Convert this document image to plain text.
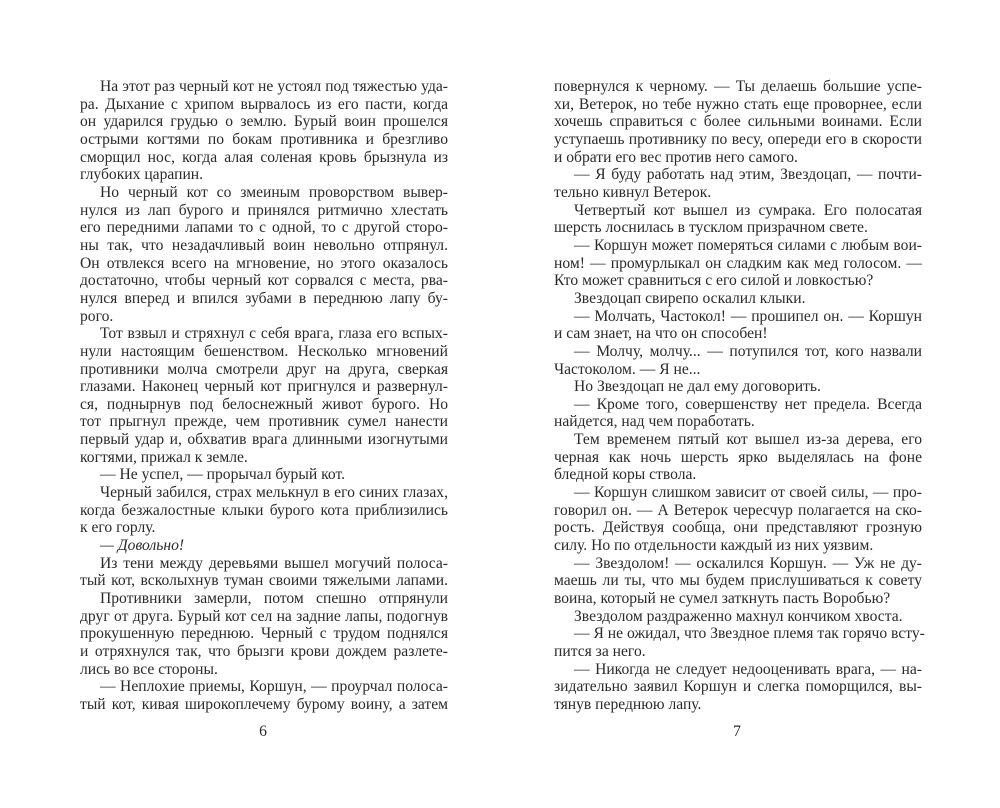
На этот раз черный кот не устоял под тяжестью уда-
ра. Дыхание с хрипом вырвалось из его пасти, когда
он ударился грудью о землю. Бурый воин прошелся
острыми когтями по бокам противника и брезгливо
сморщил нос, когда алая соленая кровь брызнула из
глубоких царапин.
Но черный кот со змеиным проворством вывер-
нулся из лап бурого и принялся ритмично хлестать
его передними лапами то с одной, то с другой сторо-
ны так, что незадачливый воин невольно отпрянул.
Он отвлекся всего на мгновение, но этого оказалось
достаточно, чтобы черный кот сорвался с места, рва-
нулся вперед и впился зубами в переднюю лапу бу-
рого.
Тот взвыл и стряхнул с себя врага, глаза его вспых-
нули настоящим бешенством. Несколько мгновений
противники молча смотрели друг на друга, сверкая
глазами. Наконец черный кот пригнулся и развернул-
ся, поднырнув под белоснежный живот бурого. Но
тот прыгнул прежде, чем противник сумел нанести
первый удар и, обхватив врага длинными изогнутыми
когтями, прижал к земле.
— Не успел, — прорычал бурый кот.
Черный забился, страх мелькнул в его синих глазах,
когда безжалостные клыки бурого кота приблизились
к его горлу.
— Довольно!
Из тени между деревьями вышел могучий полоса-
тый кот, всколыхнув туман своими тяжелыми лапами.
Противники замерли, потом спешно отпрянули
друг от друга. Бурый кот сел на задние лапы, подогнув
прокушенную переднюю. Черный с трудом поднялся
и отряхнулся так, что брызги крови дождем разлете-
лись во все стороны.
— Неплохие приемы, Коршун, — проурчал полоса-
тый кот, кивая широкоплечему бурому воину, а затем
повернулся к черному. — Ты делаешь большие успе-
хи, Ветерок, но тебе нужно стать еще проворнее, если
хочешь справиться с более сильными воинами. Если
уступаешь противнику по весу, опереди его в скорости
и обрати его вес против него самого.
— Я буду работать над этим, Звездоцап, — почти-
тельно кивнул Ветерок.
Четвертый кот вышел из сумрака. Его полосатая
шерсть лоснилась в тусклом призрачном свете.
— Коршун может померяться силами с любым вои-
ном! — промурлыкал он сладким как мед голосом. —
Кто может сравниться с его силой и ловкостью?
Звездоцап свирепо оскалил клыки.
— Молчать, Частокол! — прошипел он. — Коршун
и сам знает, на что он способен!
— Молчу, молчу... — потупился тот, кого назвали
Частоколом. — Я не...
Но Звездоцап не дал ему договорить.
— Кроме того, совершенству нет предела. Всегда
найдется, над чем поработать.
Тем временем пятый кот вышел из-за дерева, его
черная как ночь шерсть ярко выделялась на фоне
бледной коры ствола.
— Коршун слишком зависит от своей силы, — про-
говорил он. — А Ветерок чересчур полагается на ско-
рость. Действуя сообща, они представляют грозную
силу. Но по отдельности каждый из них уязвим.
— Звездолом! — оскалился Коршун. — Уж не ду-
маешь ли ты, что мы будем прислушиваться к совету
воина, который не сумел заткнуть пасть Воробью?
Звездолом раздраженно махнул кончиком хвоста.
— Я не ожидал, что Звездное племя так горячо всту-
пится за него.
— Никогда не следует недооценивать врага, — на-
зидательно заявил Коршун и слегка поморщился, вы-
тянув переднюю лапу.
6	7
